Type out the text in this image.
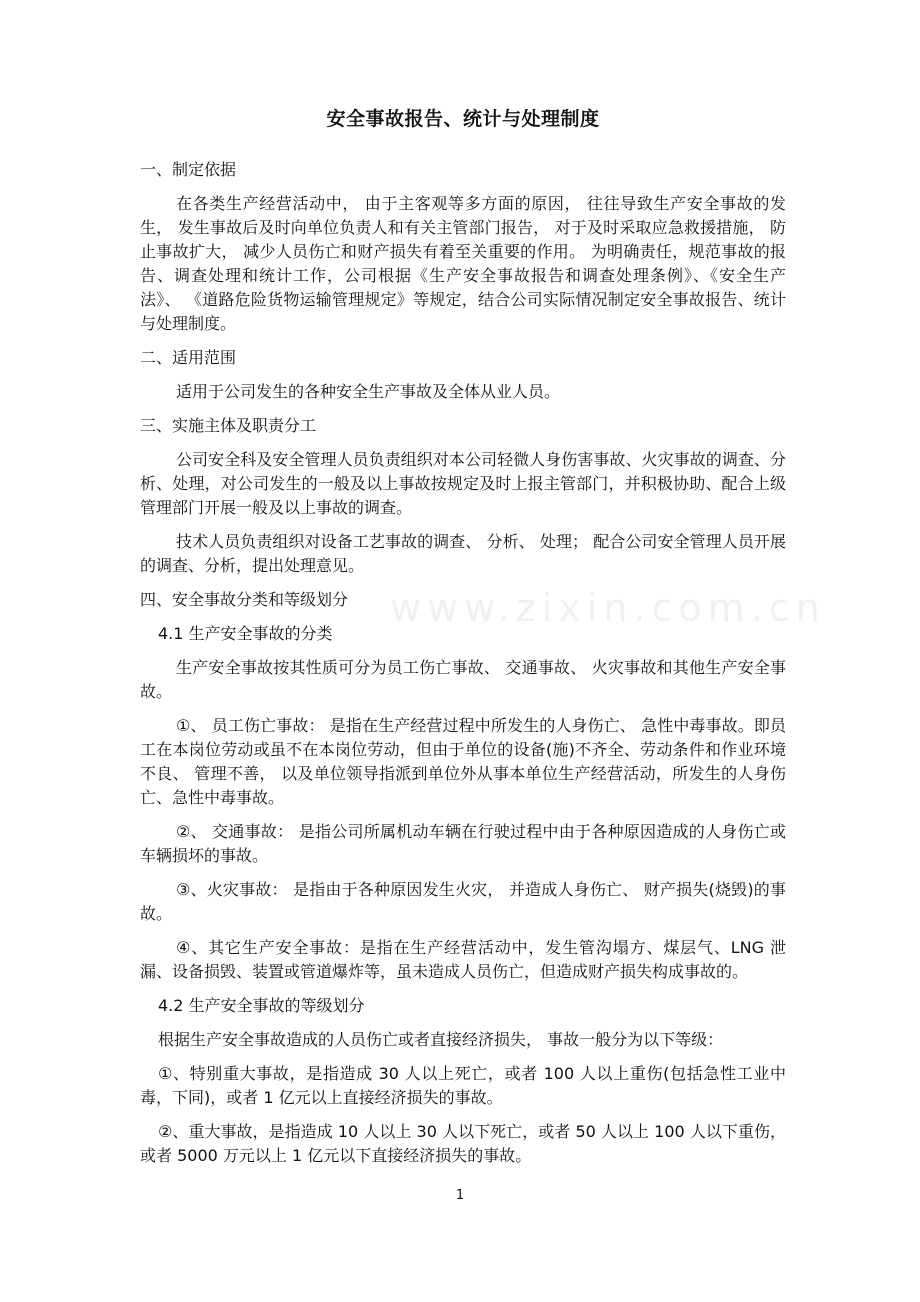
www.zixin.com.cn
安全事故报告、统计与处理制度
一、制定依据

在各类生产经营活动中， 由于主客观等多方面的原因， 往往导致生产安全事故的发生， 发生事故后及时向单位负责人和有关主管部门报告， 对于及时采取应急救援措施， 防止事故扩大， 减少人员伤亡和财产损失有着至关重要的作用。 为明确责任，规范事故的报告、调查处理和统计工作，公司根据《生产安全事故报告和调查处理条例》、《安全生产法》、 《道路危险货物运输管理规定》等规定，结合公司实际情况制定安全事故报告、统计与处理制度。

二、适用范围

适用于公司发生的各种安全生产事故及全体从业人员。

三、实施主体及职责分工

公司安全科及安全管理人员负责组织对本公司轻微人身伤害事故、火灾事故的调查、分析、处理，对公司发生的一般及以上事故按规定及时上报主管部门，并积极协助、配合上级管理部门开展一般及以上事故的调查。

技术人员负责组织对设备工艺事故的调查、 分析、 处理； 配合公司安全管理人员开展的调查、分析，提出处理意见。

四、安全事故分类和等级划分
4.1 生产安全事故的分类

生产安全事故按其性质可分为员工伤亡事故、 交通事故、 火灾事故和其他生产安全事故。

①、 员工伤亡事故： 是指在生产经营过程中所发生的人身伤亡、 急性中毒事故。即员工在本岗位劳动或虽不在本岗位劳动，但由于单位的设备(施)不齐全、劳动条件和作业环境不良、 管理不善， 以及单位领导指派到单位外从事本单位生产经营活动，所发生的人身伤亡、急性中毒事故。

②、 交通事故： 是指公司所属机动车辆在行驶过程中由于各种原因造成的人身伤亡或车辆损坏的事故。

③、火灾事故： 是指由于各种原因发生火灾， 并造成人身伤亡、 财产损失(烧毁)的事故。

④、其它生产安全事故：是指在生产经营活动中，发生管沟塌方、煤层气、LNG 泄漏、设备损毁、装置或管道爆炸等，虽未造成人员伤亡，但造成财产损失构成事故的。

4.2 生产安全事故的等级划分

根据生产安全事故造成的人员伤亡或者直接经济损失， 事故一般分为以下等级：

①、特别重大事故，是指造成 30 人以上死亡，或者 100 人以上重伤(包括急性工业中毒，下同)，或者 1 亿元以上直接经济损失的事故。

②、重大事故，是指造成 10 人以上 30 人以下死亡，或者 50 人以上 100 人以下重伤，或者 5000 万元以上 1 亿元以下直接经济损失的事故。

1
